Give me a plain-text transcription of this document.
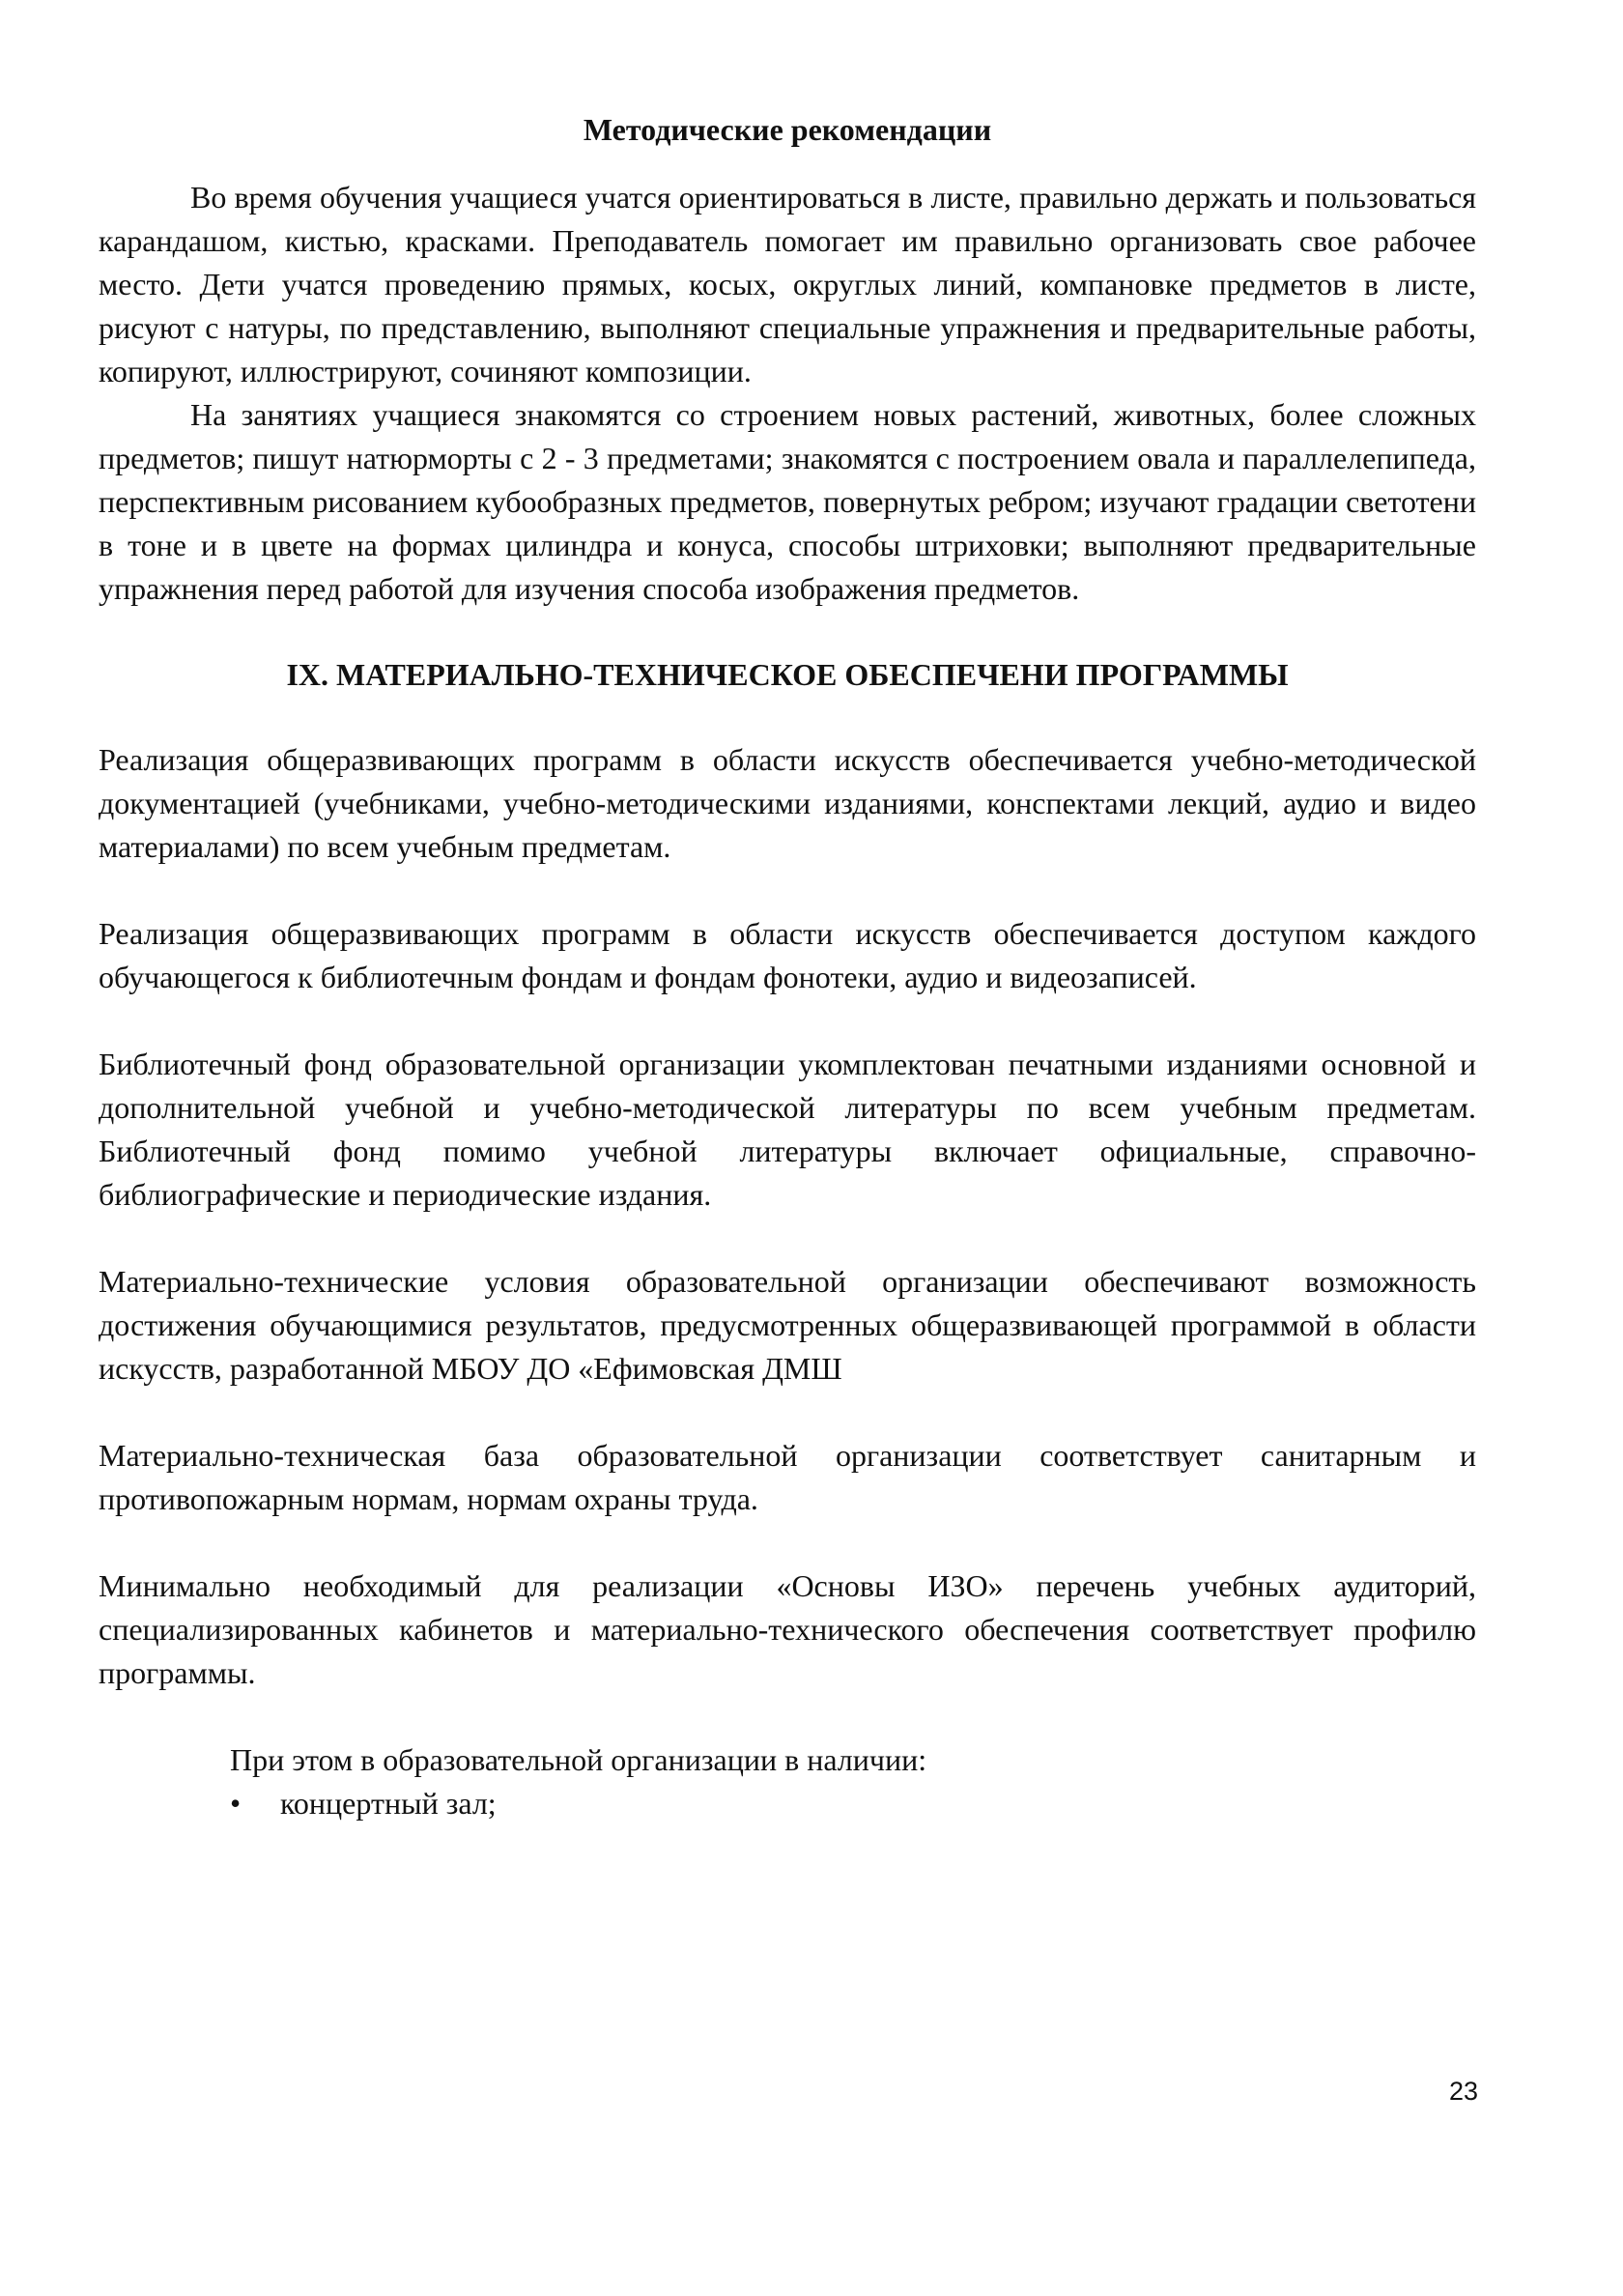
Методические рекомендации

Во время обучения учащиеся учатся ориентироваться в листе, правильно держать и пользоваться карандашом, кистью, красками. Преподаватель помогает им правильно организовать свое рабочее место. Дети учатся проведению прямых, косых, округлых линий, компановке предметов в листе, рисуют с натуры, по представлению, выполняют специальные упражнения и предварительные работы, копируют, иллюстрируют, сочиняют композиции.

На занятиях учащиеся знакомятся со строением новых растений, животных, более сложных предметов; пишут натюрморты с 2 - 3 предметами; знакомятся с построением овала и параллелепипеда, перспективным рисованием кубообразных предметов, повернутых ребром; изучают градации светотени в тоне и в цвете на формах цилиндра и конуса, способы штриховки; выполняют предварительные упражнения перед работой для изучения способа изображения предметов.

IX. МАТЕРИАЛЬНО-ТЕХНИЧЕСКОЕ ОБЕСПЕЧЕНИ ПРОГРАММЫ

Реализация общеразвивающих программ в области искусств обеспечивается учебно-методической документацией (учебниками, учебно-методическими изданиями, конспектами лекций, аудио и видео материалами) по всем учебным предметам.

Реализация общеразвивающих программ в области искусств обеспечивается доступом каждого обучающегося к библиотечным фондам и фондам фонотеки, аудио и видеозаписей.

Библиотечный фонд образовательной организации укомплектован печатными изданиями основной и дополнительной учебной и учебно-методической литературы по всем учебным предметам. Библиотечный фонд помимо учебной литературы включает официальные, справочно-библиографические и периодические издания.

Материально-технические условия образовательной организации обеспечивают возможность достижения обучающимися результатов, предусмотренных общеразвивающей программой в области искусств, разработанной МБОУ ДО «Ефимовская ДМШ

Материально-техническая база образовательной организации соответствует санитарным и противопожарным нормам, нормам охраны труда.

Минимально необходимый для реализации «Основы ИЗО» перечень учебных аудиторий, специализированных кабинетов и материально-технического обеспечения соответствует профилю программы.

При этом в образовательной организации в наличии:

• концертный зал;
23
